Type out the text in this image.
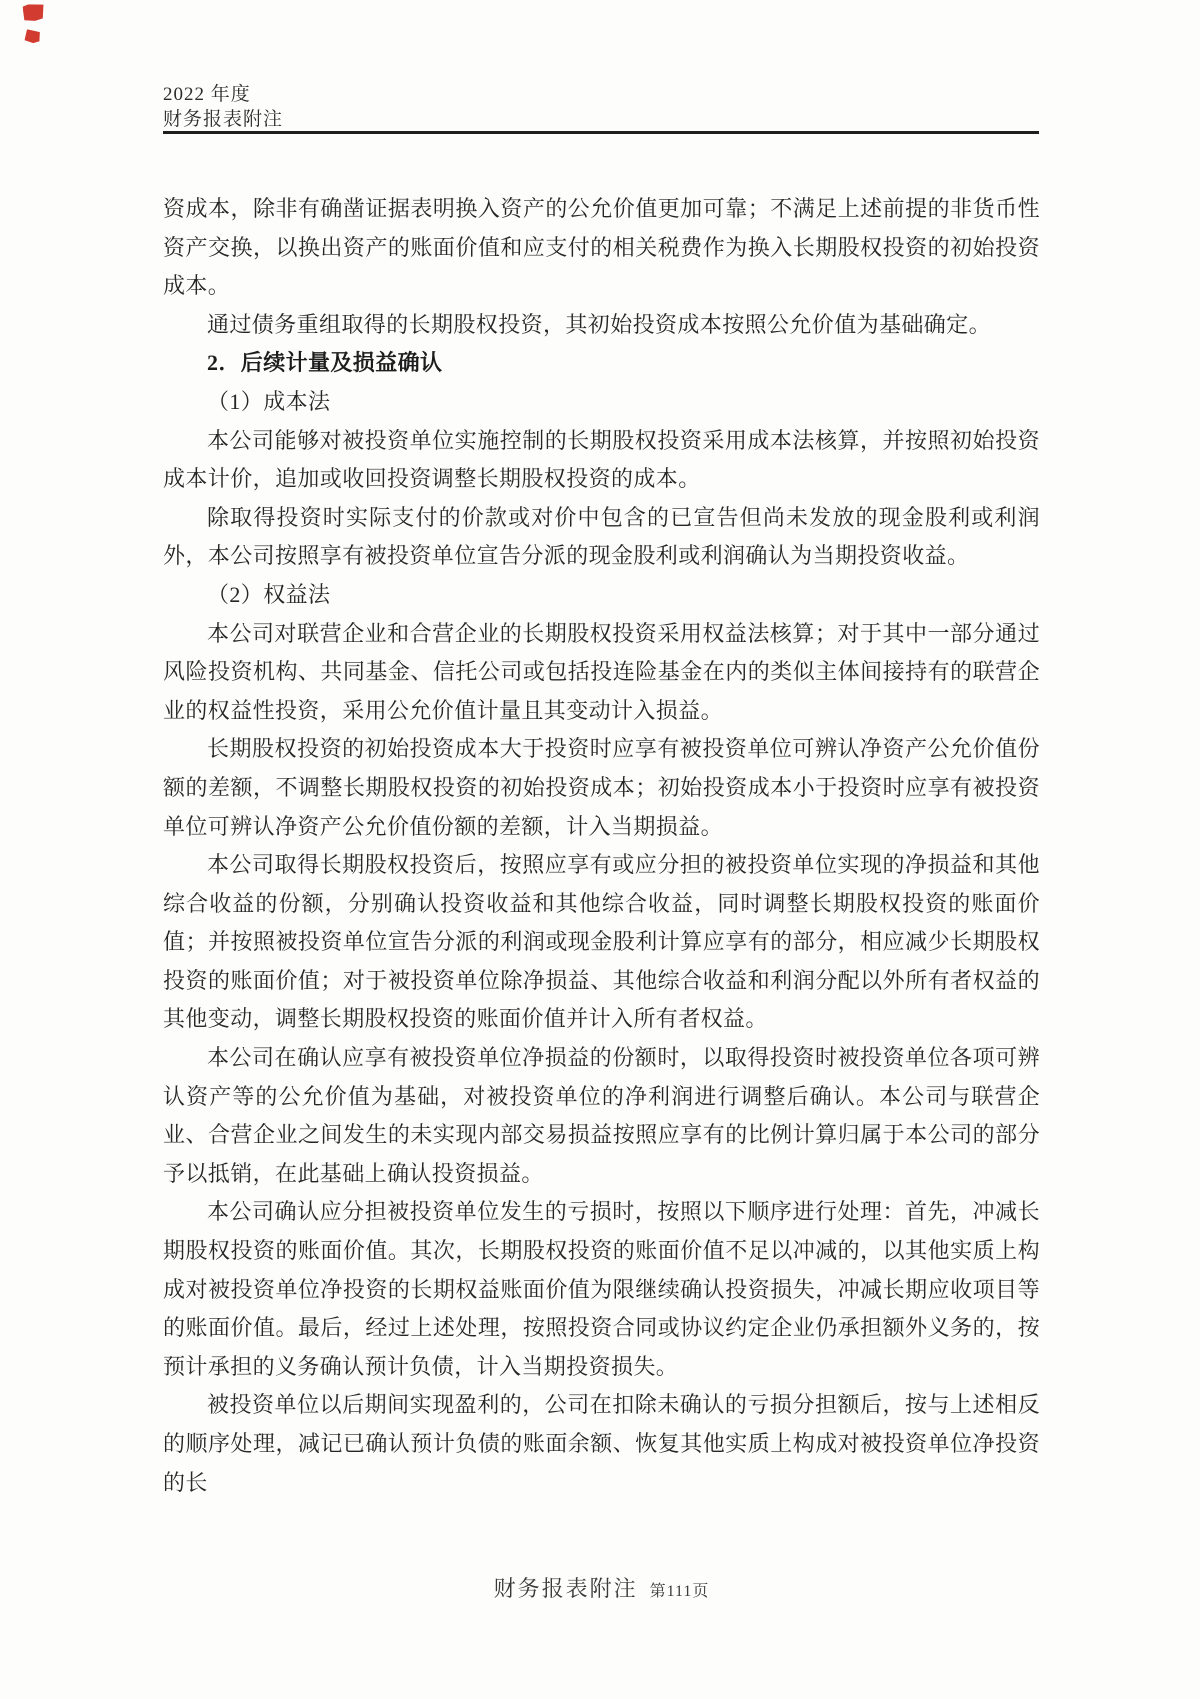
2022 年度
财务报表附注

资成本，除非有确凿证据表明换入资产的公允价值更加可靠；不满足上述前提的非货币性资产交换，以换出资产的账面价值和应支付的相关税费作为换入长期股权投资的初始投资成本。

通过债务重组取得的长期股权投资，其初始投资成本按照公允价值为基础确定。

2．后续计量及损益确认

（1）成本法

本公司能够对被投资单位实施控制的长期股权投资采用成本法核算，并按照初始投资成本计价，追加或收回投资调整长期股权投资的成本。

除取得投资时实际支付的价款或对价中包含的已宣告但尚未发放的现金股利或利润外，本公司按照享有被投资单位宣告分派的现金股利或利润确认为当期投资收益。

（2）权益法

本公司对联营企业和合营企业的长期股权投资采用权益法核算；对于其中一部分通过风险投资机构、共同基金、信托公司或包括投连险基金在内的类似主体间接持有的联营企业的权益性投资，采用公允价值计量且其变动计入损益。

长期股权投资的初始投资成本大于投资时应享有被投资单位可辨认净资产公允价值份额的差额，不调整长期股权投资的初始投资成本；初始投资成本小于投资时应享有被投资单位可辨认净资产公允价值份额的差额，计入当期损益。

本公司取得长期股权投资后，按照应享有或应分担的被投资单位实现的净损益和其他综合收益的份额，分别确认投资收益和其他综合收益，同时调整长期股权投资的账面价值；并按照被投资单位宣告分派的利润或现金股利计算应享有的部分，相应减少长期股权投资的账面价值；对于被投资单位除净损益、其他综合收益和利润分配以外所有者权益的其他变动，调整长期股权投资的账面价值并计入所有者权益。

本公司在确认应享有被投资单位净损益的份额时，以取得投资时被投资单位各项可辨认资产等的公允价值为基础，对被投资单位的净利润进行调整后确认。本公司与联营企业、合营企业之间发生的未实现内部交易损益按照应享有的比例计算归属于本公司的部分予以抵销，在此基础上确认投资损益。

本公司确认应分担被投资单位发生的亏损时，按照以下顺序进行处理：首先，冲减长期股权投资的账面价值。其次，长期股权投资的账面价值不足以冲减的，以其他实质上构成对被投资单位净投资的长期权益账面价值为限继续确认投资损失，冲减长期应收项目等的账面价值。最后，经过上述处理，按照投资合同或协议约定企业仍承担额外义务的，按预计承担的义务确认预计负债，计入当期投资损失。

被投资单位以后期间实现盈利的，公司在扣除未确认的亏损分担额后，按与上述相反的顺序处理，减记已确认预计负债的账面余额、恢复其他实质上构成对被投资单位净投资的长

财务报表附注 第111页
